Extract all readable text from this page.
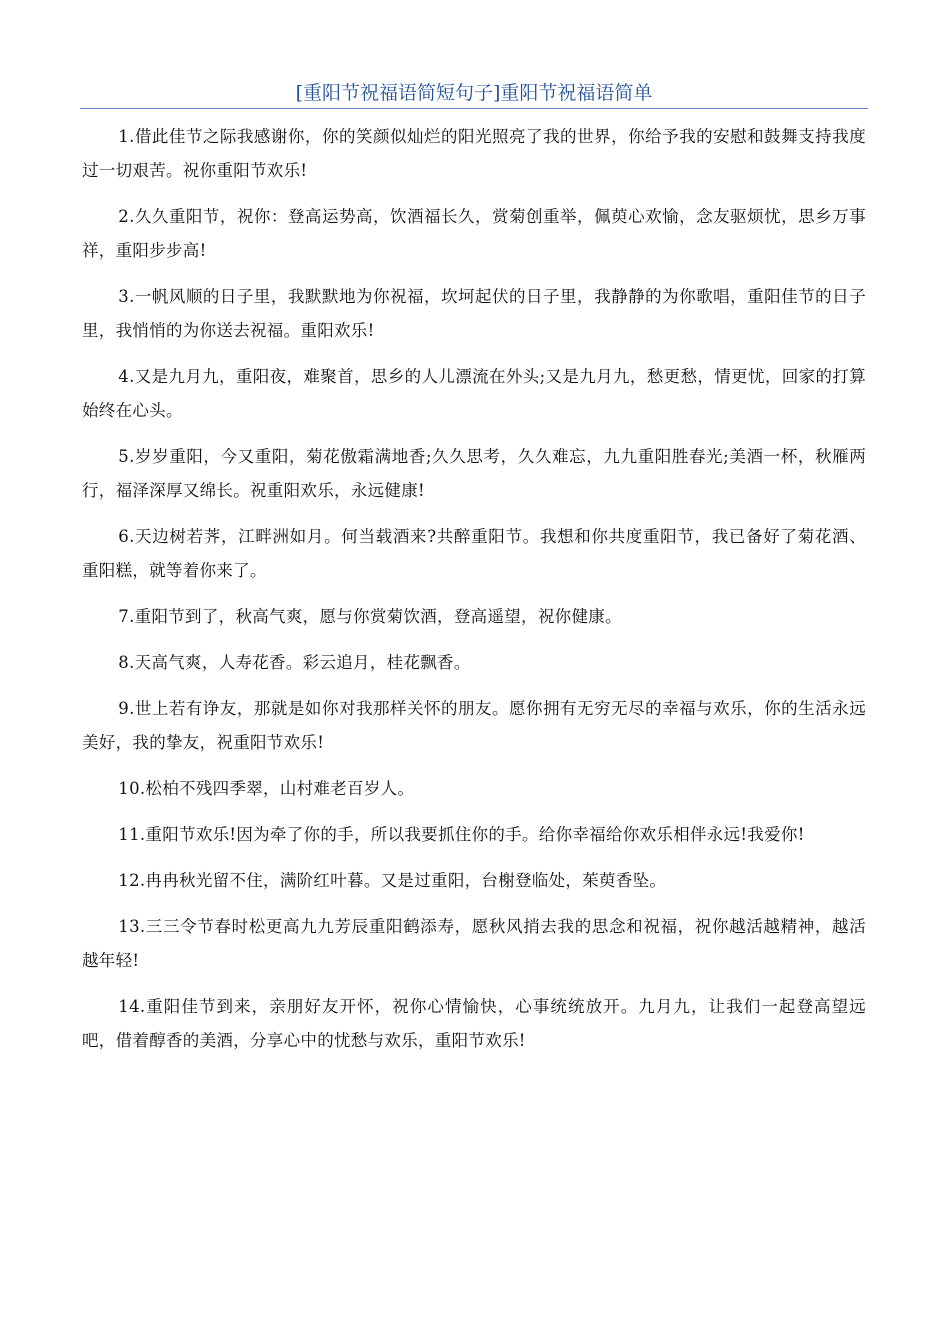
[重阳节祝福语简短句子]重阳节祝福语简单

1.借此佳节之际我感谢你，你的笑颜似灿烂的阳光照亮了我的世界，你给予我的安慰和鼓舞支持我度过一切艰苦。祝你重阳节欢乐!

2.久久重阳节，祝你：登高运势高，饮酒福长久，赏菊创重举，佩萸心欢愉，念友驱烦忧，思乡万事祥，重阳步步高!

3.一帆风顺的日子里，我默默地为你祝福，坎坷起伏的日子里，我静静的为你歌唱，重阳佳节的日子里，我悄悄的为你送去祝福。重阳欢乐!

4.又是九月九，重阳夜，难聚首，思乡的人儿漂流在外头;又是九月九，愁更愁，情更忧，回家的打算始终在心头。

5.岁岁重阳，今又重阳，菊花傲霜满地香;久久思考，久久难忘，九九重阳胜春光;美酒一杯，秋雁两行，福泽深厚又绵长。祝重阳欢乐，永远健康!

6.天边树若荠，江畔洲如月。何当载酒来?共醉重阳节。我想和你共度重阳节，我已备好了菊花酒、重阳糕，就等着你来了。

7.重阳节到了，秋高气爽，愿与你赏菊饮酒，登高遥望，祝你健康。

8.天高气爽，人寿花香。彩云追月，桂花飘香。

9.世上若有诤友，那就是如你对我那样关怀的朋友。愿你拥有无穷无尽的幸福与欢乐，你的生活永远美好，我的挚友，祝重阳节欢乐!

10.松柏不残四季翠，山村难老百岁人。

11.重阳节欢乐!因为牵了你的手，所以我要抓住你的手。给你幸福给你欢乐相伴永远!我爱你!

12.冉冉秋光留不住，满阶红叶暮。又是过重阳，台榭登临处，茱萸香坠。

13.三三令节春时松更高九九芳辰重阳鹤添寿，愿秋风捎去我的思念和祝福，祝你越活越精神，越活越年轻!

14.重阳佳节到来，亲朋好友开怀，祝你心情愉快，心事统统放开。九月九，让我们一起登高望远吧，借着醇香的美酒，分享心中的忧愁与欢乐，重阳节欢乐!
